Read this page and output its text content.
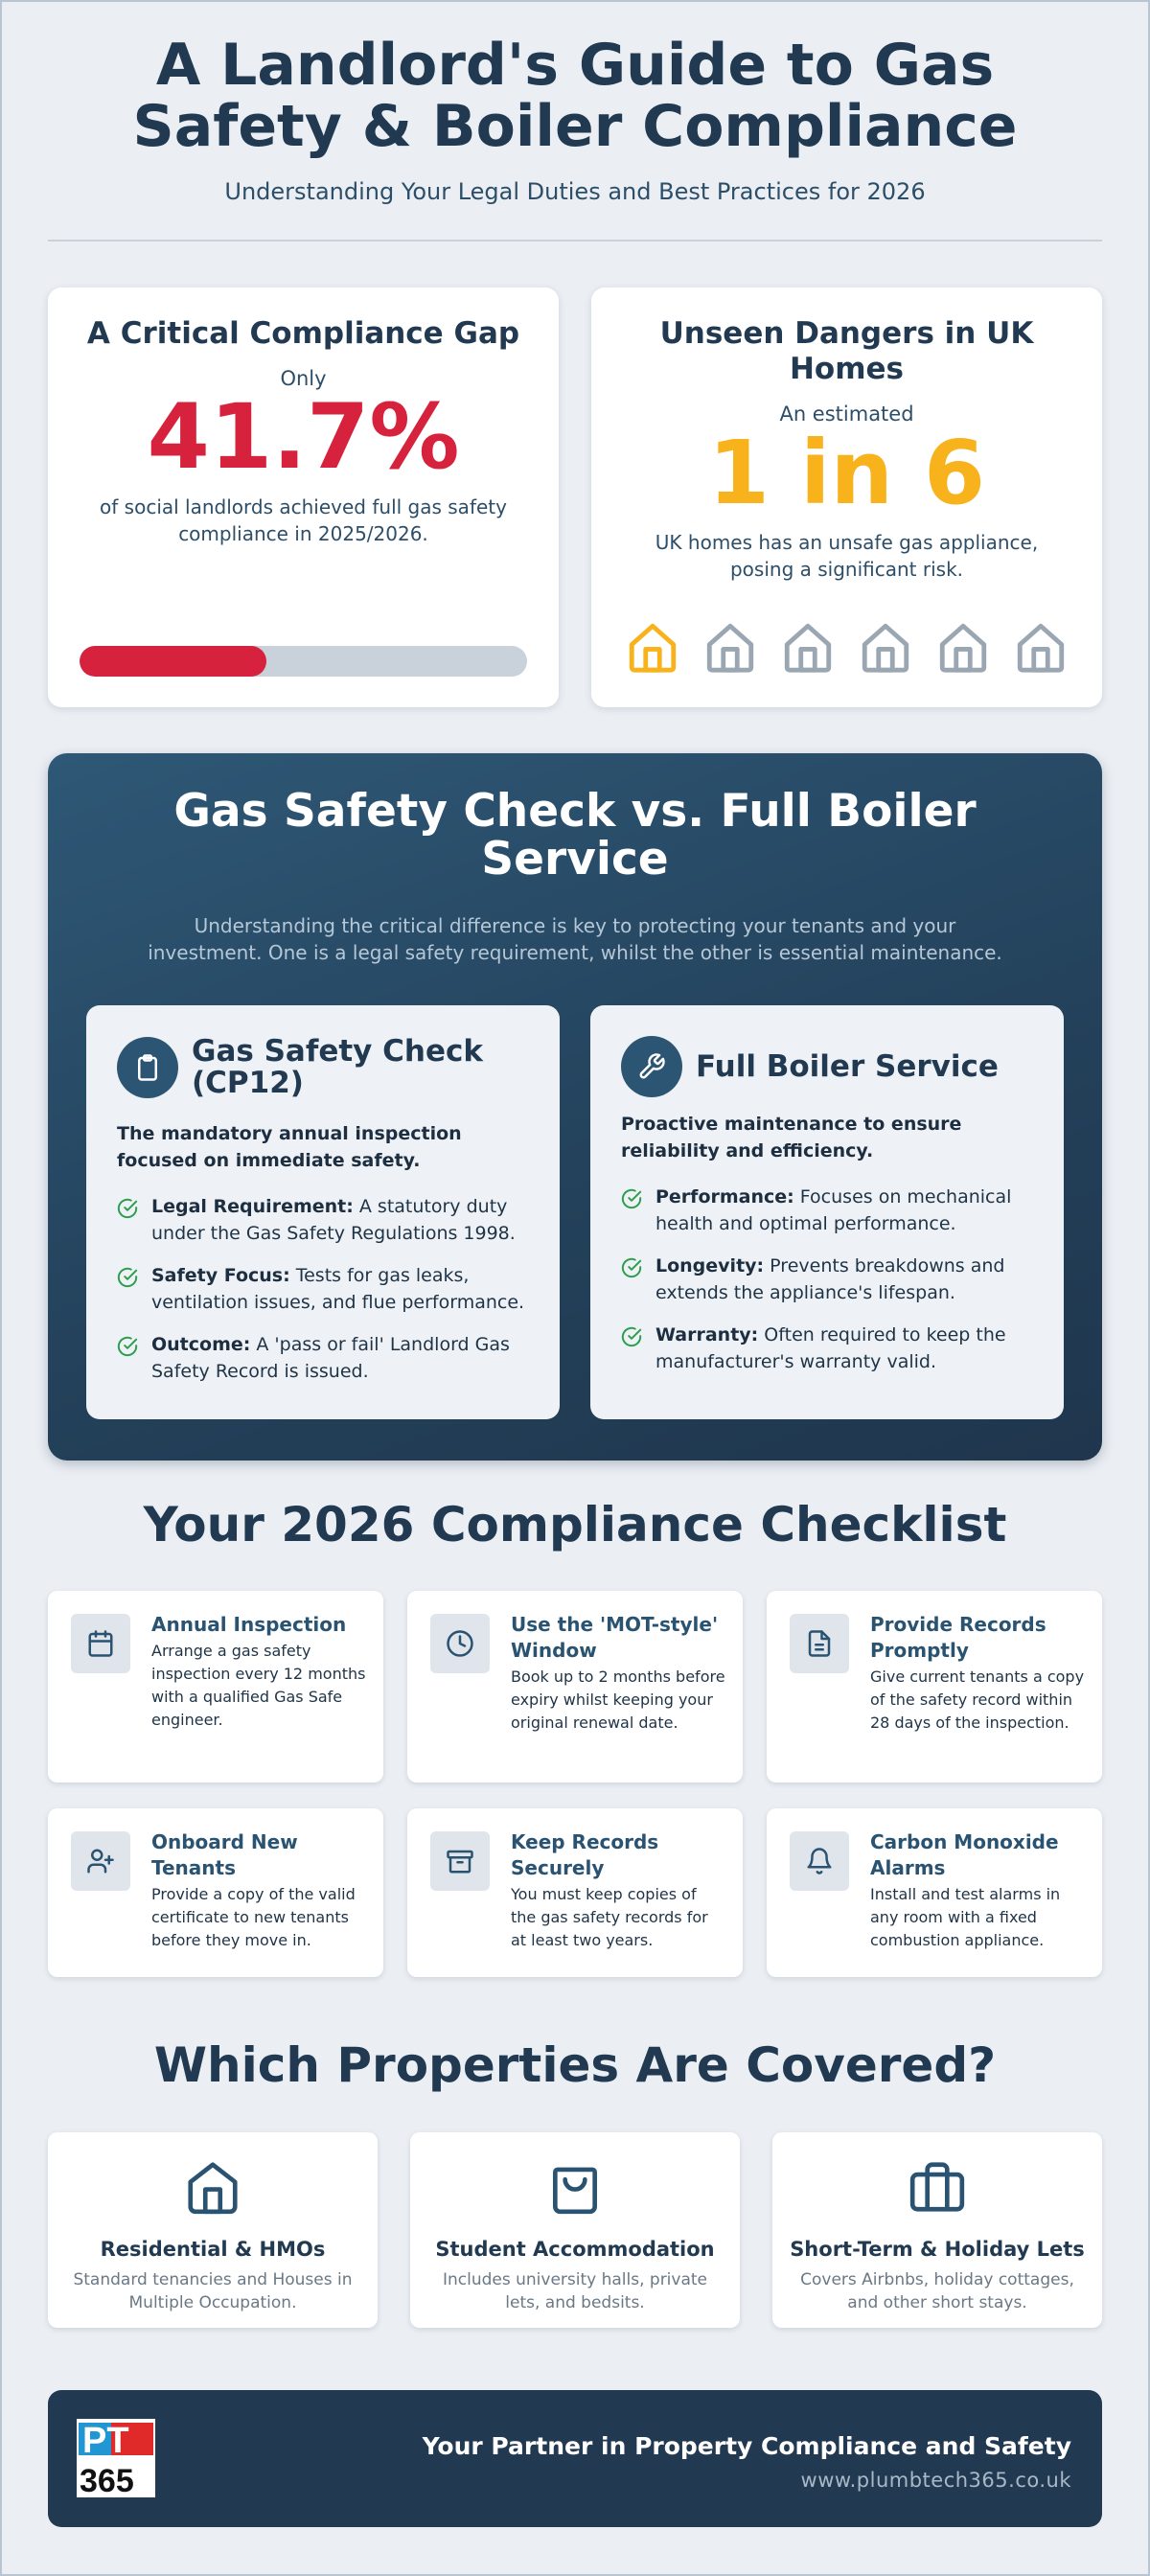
A Landlord's Guide to Gas
Safety & Boiler Compliance
Understanding Your Legal Duties and Best Practices for 2026
A Critical Compliance Gap
Only
41.7%
of social landlords achieved full gas safety compliance in 2025/2026.
Unseen Dangers in UK Homes
An estimated
1 in 6
UK homes has an unsafe gas appliance, posing a significant risk.
Gas Safety Check vs. Full Boiler Service
Understanding the critical difference is key to protecting your tenants and your investment. One is a legal safety requirement, whilst the other is essential maintenance.
Gas Safety Check (CP12)
The mandatory annual inspection focused on immediate safety.
Legal Requirement: A statutory duty under the Gas Safety Regulations 1998.
Safety Focus: Tests for gas leaks, ventilation issues, and flue performance.
Outcome: A 'pass or fail' Landlord Gas Safety Record is issued.
Full Boiler Service
Proactive maintenance to ensure reliability and efficiency.
Performance: Focuses on mechanical health and optimal performance.
Longevity: Prevents breakdowns and extends the appliance's lifespan.
Warranty: Often required to keep the manufacturer's warranty valid.
Your 2026 Compliance Checklist
Annual Inspection
Arrange a gas safety inspection every 12 months with a qualified Gas Safe engineer.
Use the 'MOT-style' Window
Book up to 2 months before expiry whilst keeping your original renewal date.
Provide Records Promptly
Give current tenants a copy of the safety record within 28 days of the inspection.
Onboard New Tenants
Provide a copy of the valid certificate to new tenants before they move in.
Keep Records Securely
You must keep copies of the gas safety records for at least two years.
Carbon Monoxide Alarms
Install and test alarms in any room with a fixed combustion appliance.
Which Properties Are Covered?
Residential & HMOs
Standard tenancies and Houses in Multiple Occupation.
Student Accommodation
Includes university halls, private lets, and bedsits.
Short-Term & Holiday Lets
Covers Airbnbs, holiday cottages, and other short stays.
PT
365
Your Partner in Property Compliance and Safety
www.plumbtech365.co.uk
